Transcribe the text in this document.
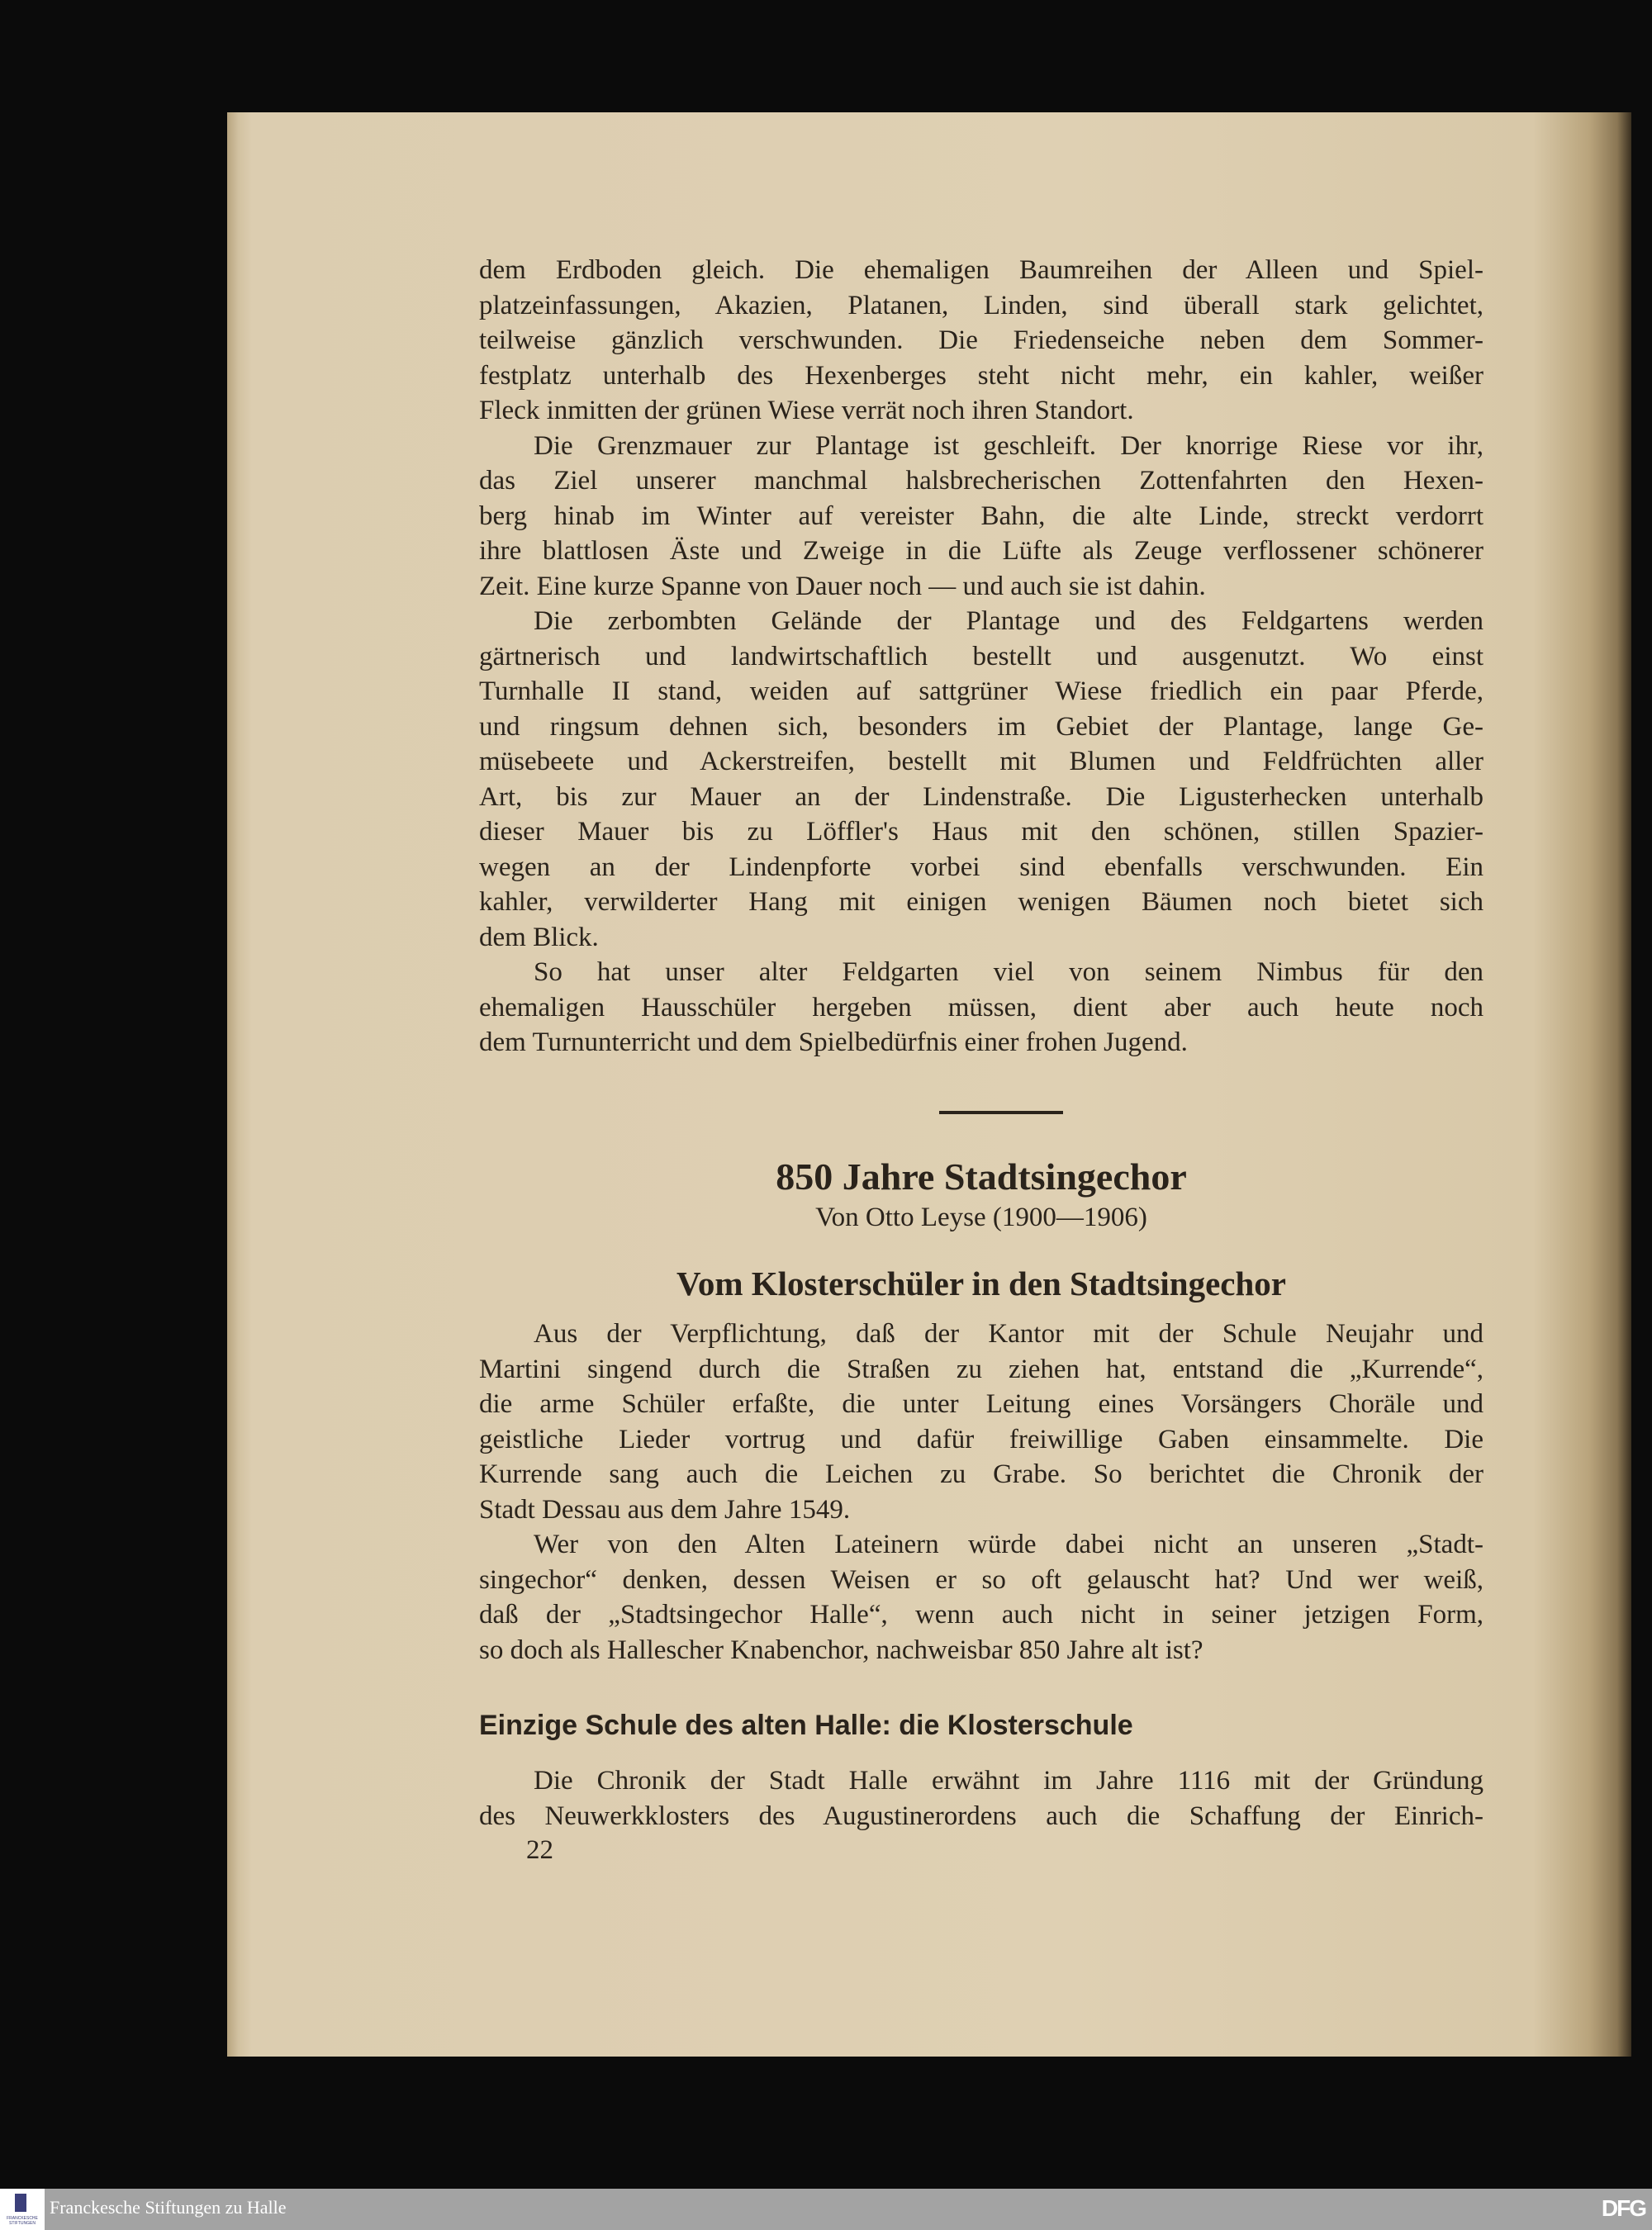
dem Erdboden gleich. Die ehemaligen Baumreihen der Alleen und Spiel-
platzeinfassungen, Akazien, Platanen, Linden, sind überall stark gelichtet,
teilweise gänzlich verschwunden. Die Friedenseiche neben dem Sommer-
festplatz unterhalb des Hexenberges steht nicht mehr, ein kahler, weißer
Fleck inmitten der grünen Wiese verrät noch ihren Standort.
Die Grenzmauer zur Plantage ist geschleift. Der knorrige Riese vor ihr,
das Ziel unserer manchmal halsbrecherischen Zottenfahrten den Hexen-
berg hinab im Winter auf vereister Bahn, die alte Linde, streckt verdorrt
ihre blattlosen Äste und Zweige in die Lüfte als Zeuge verflossener schönerer
Zeit. Eine kurze Spanne von Dauer noch — und auch sie ist dahin.
Die zerbombten Gelände der Plantage und des Feldgartens werden
gärtnerisch und landwirtschaftlich bestellt und ausgenutzt. Wo einst
Turnhalle II stand, weiden auf sattgrüner Wiese friedlich ein paar Pferde,
und ringsum dehnen sich, besonders im Gebiet der Plantage, lange Ge-
müsebeete und Ackerstreifen, bestellt mit Blumen und Feldfrüchten aller
Art, bis zur Mauer an der Lindenstraße. Die Ligusterhecken unterhalb
dieser Mauer bis zu Löffler's Haus mit den schönen, stillen Spazier-
wegen an der Lindenpforte vorbei sind ebenfalls verschwunden. Ein
kahler, verwilderter Hang mit einigen wenigen Bäumen noch bietet sich
dem Blick.
So hat unser alter Feldgarten viel von seinem Nimbus für den
ehemaligen Hausschüler hergeben müssen, dient aber auch heute noch
dem Turnunterricht und dem Spielbedürfnis einer frohen Jugend.
850 Jahre Stadtsingechor
Von Otto Leyse (1900—1906)
Vom Klosterschüler in den Stadtsingechor
Aus der Verpflichtung, daß der Kantor mit der Schule Neujahr und
Martini singend durch die Straßen zu ziehen hat, entstand die „Kurrende“,
die arme Schüler erfaßte, die unter Leitung eines Vorsängers Choräle und
geistliche Lieder vortrug und dafür freiwillige Gaben einsammelte. Die
Kurrende sang auch die Leichen zu Grabe. So berichtet die Chronik der
Stadt Dessau aus dem Jahre 1549.
Wer von den Alten Lateinern würde dabei nicht an unseren „Stadt-
singechor“ denken, dessen Weisen er so oft gelauscht hat? Und wer weiß,
daß der „Stadtsingechor Halle“, wenn auch nicht in seiner jetzigen Form,
so doch als Hallescher Knabenchor, nachweisbar 850 Jahre alt ist?
Einzige Schule des alten Halle: die Klosterschule
Die Chronik der Stadt Halle erwähnt im Jahre 1116 mit der Gründung
des Neuwerkklosters des Augustinerordens auch die Schaffung der Einrich-
22
FRANCKESCHE
STIFTUNGEN
Franckesche Stiftungen zu Halle	DFG
